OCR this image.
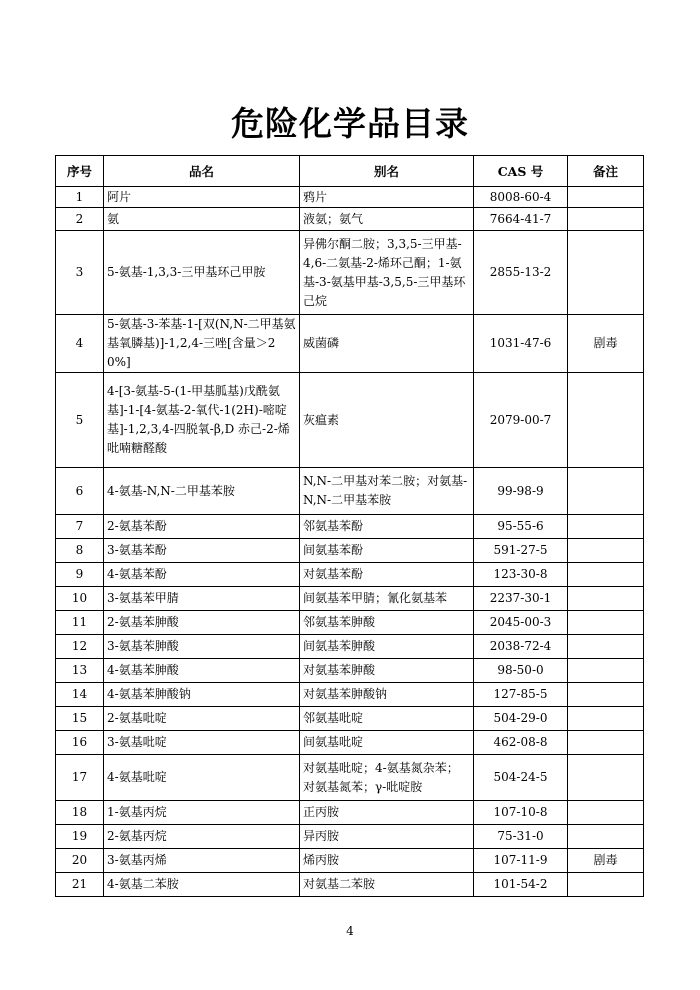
危险化学品目录
序号	品名	别名	CAS 号	备注
1	阿片	鸦片	8008-60-4	
2	氨	液氨；氨气	7664-41-7	
3	5-氨基-1,3,3-三甲基环己甲胺	异佛尔酮二胺；3,3,5-三甲基-4,6-二氨基-2-烯环己酮；1-氨基-3-氨基甲基-3,5,5-三甲基环己烷	2855-13-2	
4	5-氨基-3-苯基-1-[双(N,N-二甲基氨基氧膦基)]-1,2,4-三唑[含量＞20%]	威菌磷	1031-47-6	剧毒
5	4-[3-氨基-5-(1-甲基胍基)戊酰氨基]-1-[4-氨基-2-氧代-1(2H)-嘧啶基]-1,2,3,4-四脱氧-β,D 赤己-2-烯吡喃糖醛酸	灰瘟素	2079-00-7	
6	4-氨基-N,N-二甲基苯胺	N,N-二甲基对苯二胺；对氨基-N,N-二甲基苯胺	99-98-9	
7	2-氨基苯酚	邻氨基苯酚	95-55-6	
8	3-氨基苯酚	间氨基苯酚	591-27-5	
9	4-氨基苯酚	对氨基苯酚	123-30-8	
10	3-氨基苯甲腈	间氨基苯甲腈；氰化氨基苯	2237-30-1	
11	2-氨基苯胂酸	邻氨基苯胂酸	2045-00-3	
12	3-氨基苯胂酸	间氨基苯胂酸	2038-72-4	
13	4-氨基苯胂酸	对氨基苯胂酸	98-50-0	
14	4-氨基苯胂酸钠	对氨基苯胂酸钠	127-85-5	
15	2-氨基吡啶	邻氨基吡啶	504-29-0	
16	3-氨基吡啶	间氨基吡啶	462-08-8	
17	4-氨基吡啶	对氨基吡啶；4-氨基氮杂苯；对氨基氮苯；γ-吡啶胺	504-24-5	
18	1-氨基丙烷	正丙胺	107-10-8	
19	2-氨基丙烷	异丙胺	75-31-0	
20	3-氨基丙烯	烯丙胺	107-11-9	剧毒
21	4-氨基二苯胺	对氨基二苯胺	101-54-2	
4
